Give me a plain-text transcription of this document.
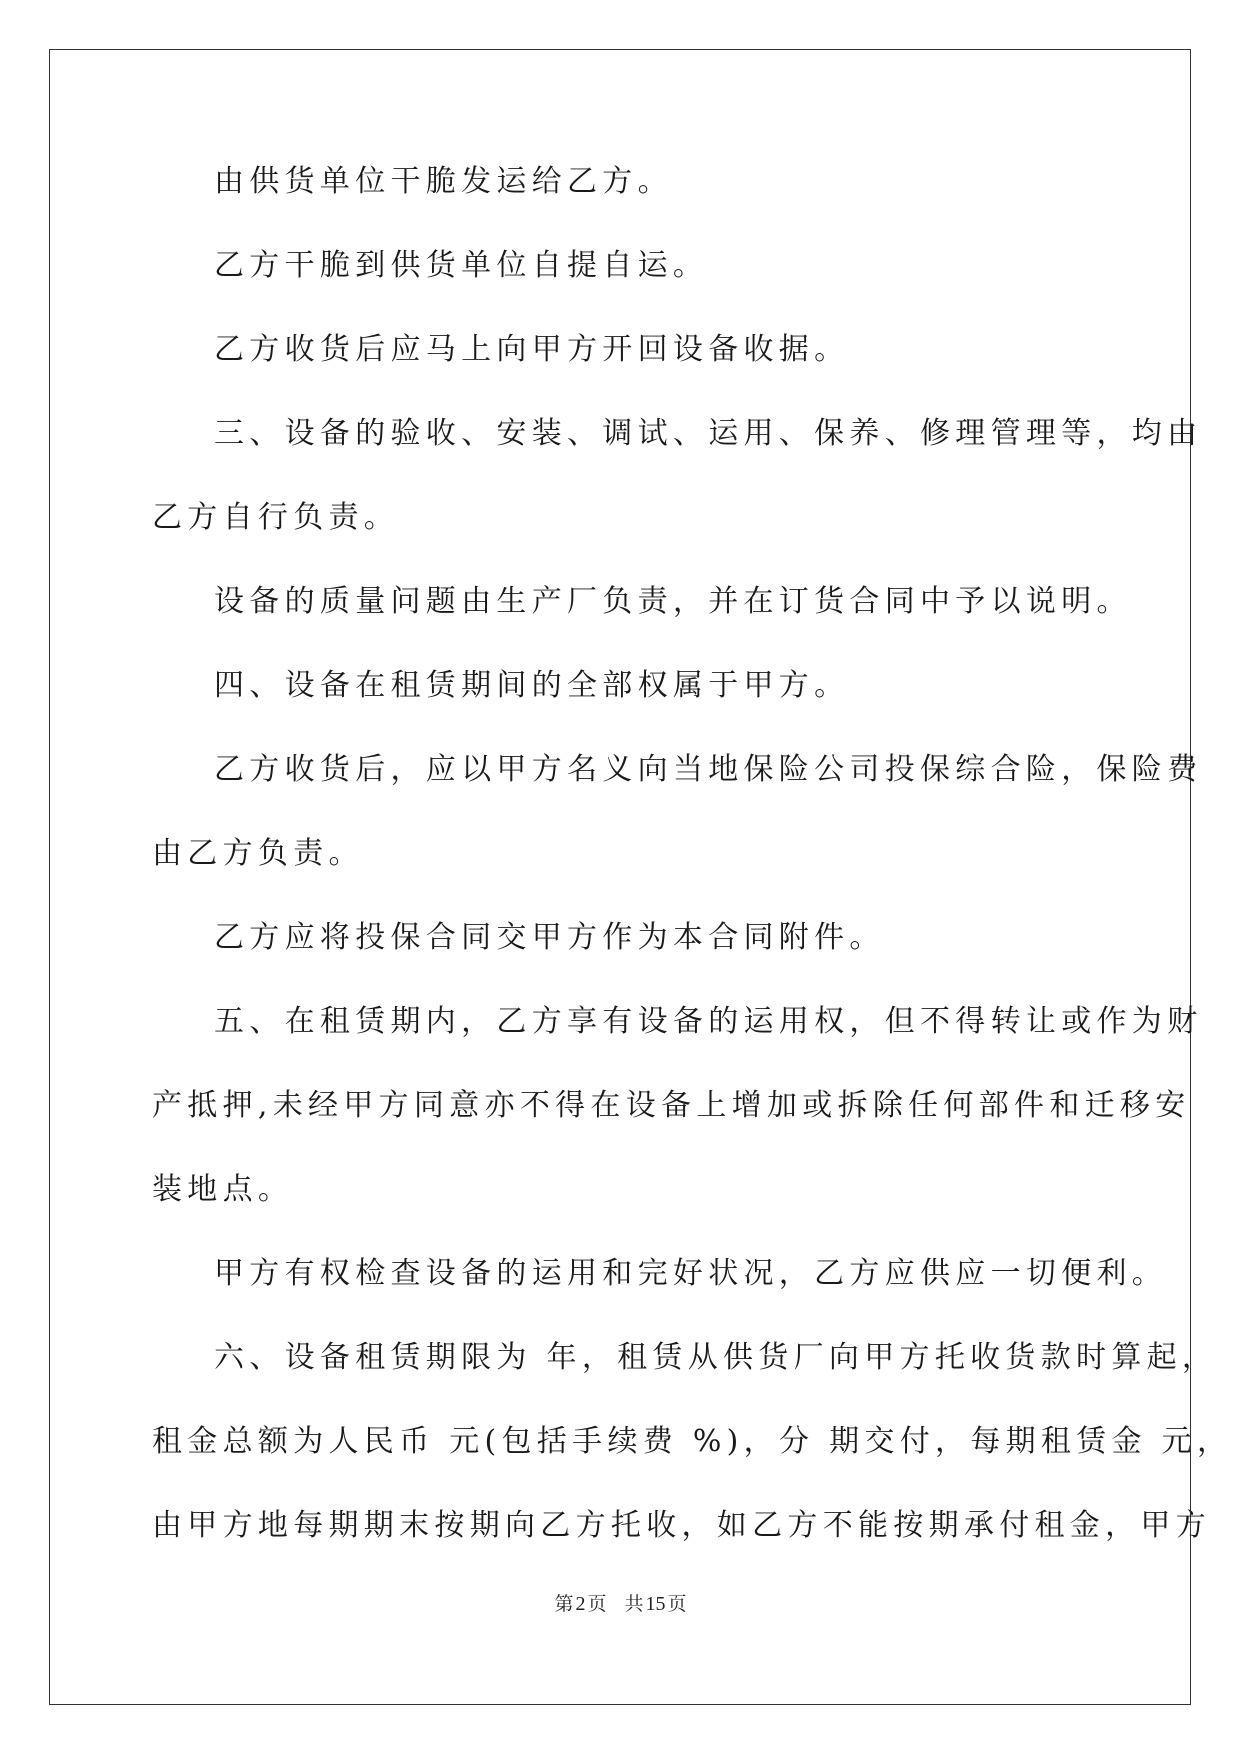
由供货单位干脆发运给乙方。
乙方干脆到供货单位自提自运。
乙方收货后应马上向甲方开回设备收据。
三、设备的验收、安装、调试、运用、保养、修理管理等，均由
乙方自行负责。
设备的质量问题由生产厂负责，并在订货合同中予以说明。
四、设备在租赁期间的全部权属于甲方。
乙方收货后，应以甲方名义向当地保险公司投保综合险，保险费
由乙方负责。
乙方应将投保合同交甲方作为本合同附件。
五、在租赁期内，乙方享有设备的运用权，但不得转让或作为财
产抵押,未经甲方同意亦不得在设备上增加或拆除任何部件和迁移安
装地点。
甲方有权检查设备的运用和完好状况，乙方应供应一切便利。
六、设备租赁期限为 年，租赁从供货厂向甲方托收货款时算起，
租金总额为人民币 元(包括手续费 %)，分 期交付，每期租赁金 元，
由甲方地每期期末按期向乙方托收，如乙方不能按期承付租金，甲方
第 2 页 共 15 页
